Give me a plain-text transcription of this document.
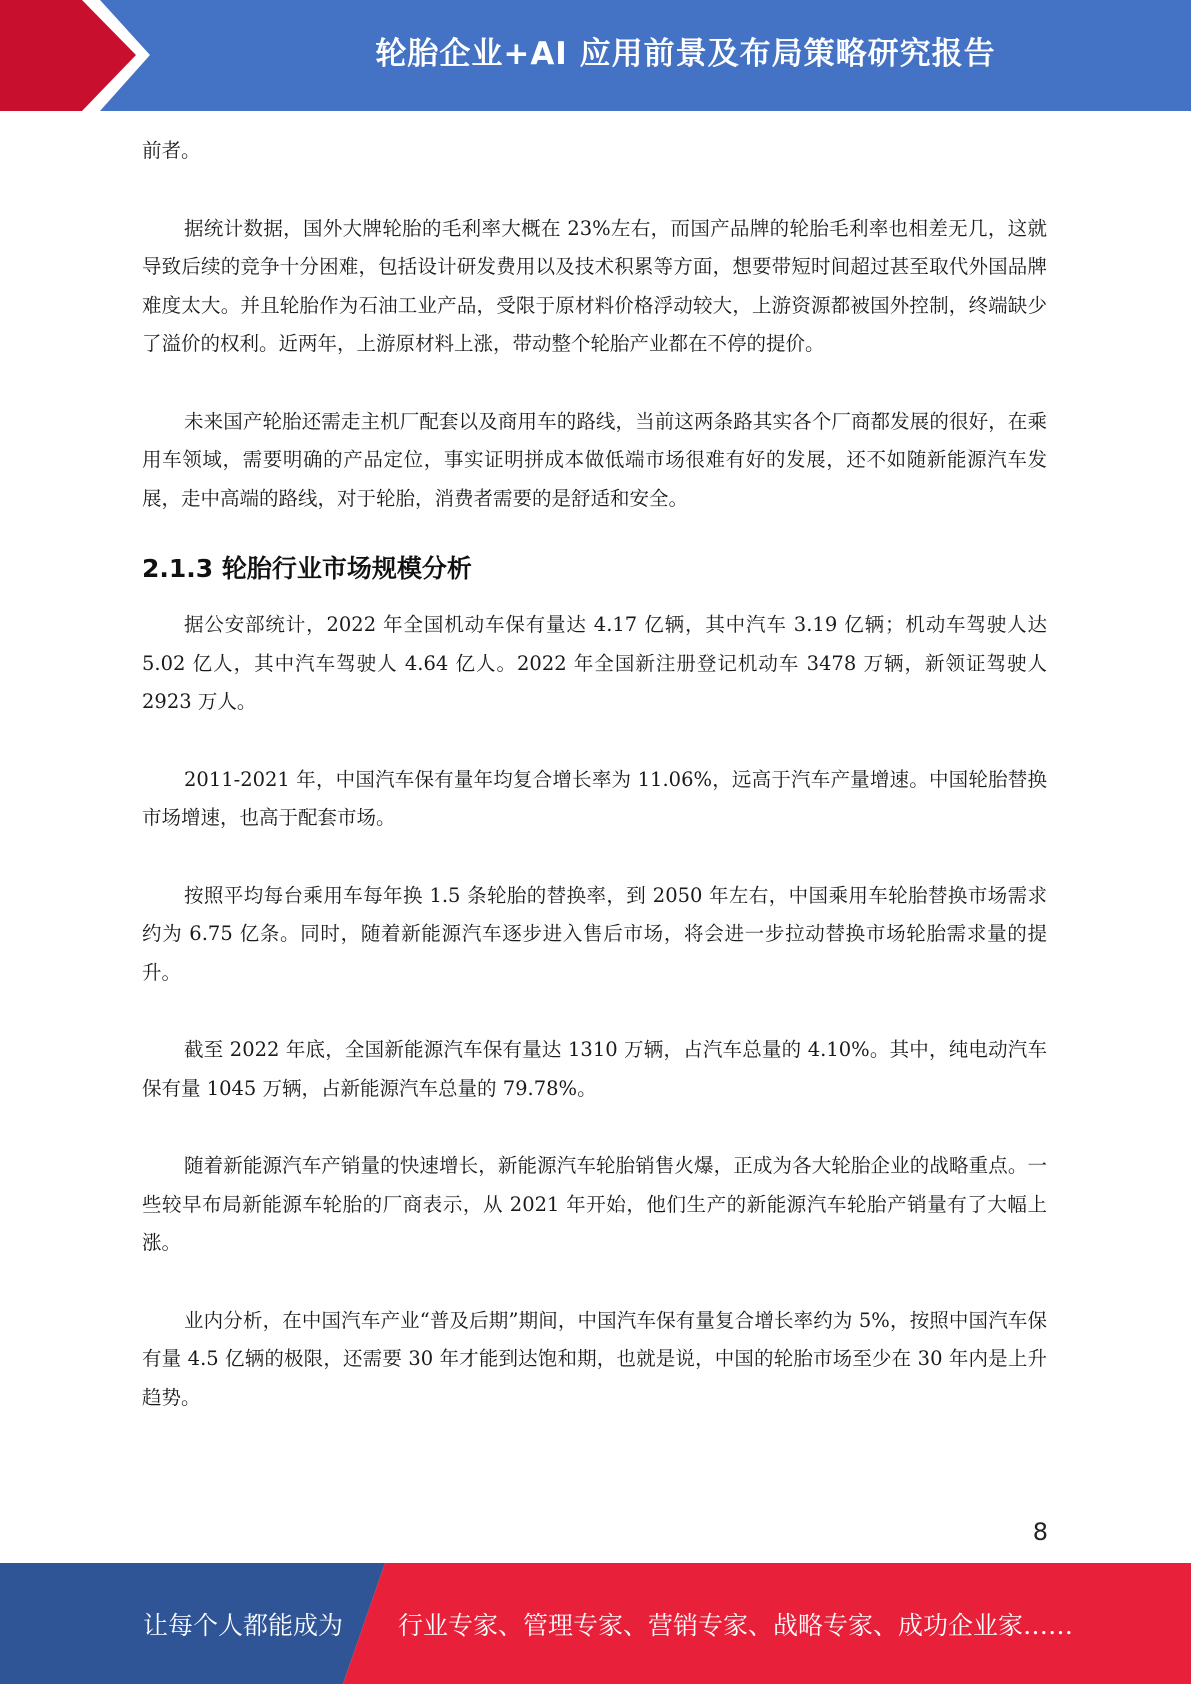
轮胎企业+AI 应用前景及布局策略研究报告

前者。

据统计数据，国外大牌轮胎的毛利率大概在 23%左右，而国产品牌的轮胎毛利率也相差无几，这就导致后续的竞争十分困难，包括设计研发费用以及技术积累等方面，想要带短时间超过甚至取代外国品牌难度太大。并且轮胎作为石油工业产品，受限于原材料价格浮动较大，上游资源都被国外控制，终端缺少了溢价的权利。近两年，上游原材料上涨，带动整个轮胎产业都在不停的提价。

未来国产轮胎还需走主机厂配套以及商用车的路线，当前这两条路其实各个厂商都发展的很好，在乘用车领域，需要明确的产品定位，事实证明拼成本做低端市场很难有好的发展，还不如随新能源汽车发展，走中高端的路线，对于轮胎，消费者需要的是舒适和安全。

2.1.3 轮胎行业市场规模分析

据公安部统计，2022 年全国机动车保有量达 4.17 亿辆，其中汽车 3.19 亿辆；机动车驾驶人达 5.02 亿人，其中汽车驾驶人 4.64 亿人。2022 年全国新注册登记机动车 3478 万辆，新领证驾驶人 2923 万人。

2011-2021 年，中国汽车保有量年均复合增长率为 11.06%，远高于汽车产量增速。中国轮胎替换市场增速，也高于配套市场。

按照平均每台乘用车每年换 1.5 条轮胎的替换率，到 2050 年左右，中国乘用车轮胎替换市场需求约为 6.75 亿条。同时，随着新能源汽车逐步进入售后市场，将会进一步拉动替换市场轮胎需求量的提升。

截至 2022 年底，全国新能源汽车保有量达 1310 万辆，占汽车总量的 4.10%。其中，纯电动汽车保有量 1045 万辆，占新能源汽车总量的 79.78%。

随着新能源汽车产销量的快速增长，新能源汽车轮胎销售火爆，正成为各大轮胎企业的战略重点。一些较早布局新能源车轮胎的厂商表示，从 2021 年开始，他们生产的新能源汽车轮胎产销量有了大幅上涨。

业内分析，在中国汽车产业“普及后期”期间，中国汽车保有量复合增长率约为 5%，按照中国汽车保有量 4.5 亿辆的极限，还需要 30 年才能到达饱和期，也就是说，中国的轮胎市场至少在 30 年内是上升趋势。

8
让每个人都能成为 行业专家、管理专家、营销专家、战略专家、成功企业家……
